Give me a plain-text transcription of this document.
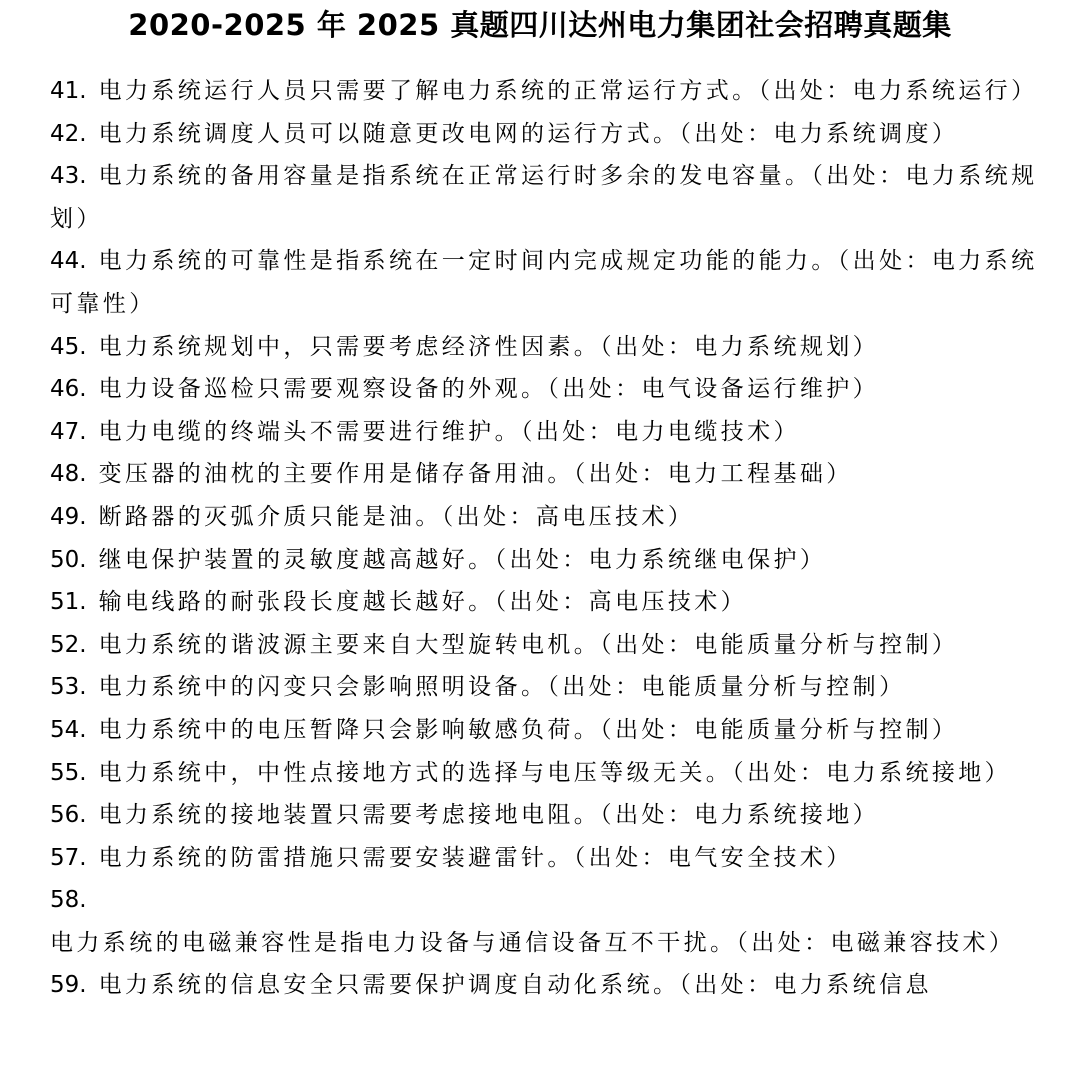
2020-2025 年 2025 真题四川达州电力集团社会招聘真题集
41. 电力系统运行人员只需要了解电力系统的正常运行方式。（出处：电力系统运行）
42. 电力系统调度人员可以随意更改电网的运行方式。（出处：电力系统调度）
43. 电力系统的备用容量是指系统在正常运行时多余的发电容量。（出处：电力系统规划）
44. 电力系统的可靠性是指系统在一定时间内完成规定功能的能力。（出处：电力系统可靠性）
45. 电力系统规划中，只需要考虑经济性因素。（出处：电力系统规划）
46. 电力设备巡检只需要观察设备的外观。（出处：电气设备运行维护）
47. 电力电缆的终端头不需要进行维护。（出处：电力电缆技术）
48. 变压器的油枕的主要作用是储存备用油。（出处：电力工程基础）
49. 断路器的灭弧介质只能是油。（出处：高电压技术）
50. 继电保护装置的灵敏度越高越好。（出处：电力系统继电保护）
51. 输电线路的耐张段长度越长越好。（出处：高电压技术）
52. 电力系统的谐波源主要来自大型旋转电机。（出处：电能质量分析与控制）
53. 电力系统中的闪变只会影响照明设备。（出处：电能质量分析与控制）
54. 电力系统中的电压暂降只会影响敏感负荷。（出处：电能质量分析与控制）
55. 电力系统中，中性点接地方式的选择与电压等级无关。（出处：电力系统接地）
56. 电力系统的接地装置只需要考虑接地电阻。（出处：电力系统接地）
57. 电力系统的防雷措施只需要安装避雷针。（出处：电气安全技术）
58.电力系统的电磁兼容性是指电力设备与通信设备互不干扰。（出处：电磁兼容技术）
59. 电力系统的信息安全只需要保护调度自动化系统。（出处：电力系统信息
